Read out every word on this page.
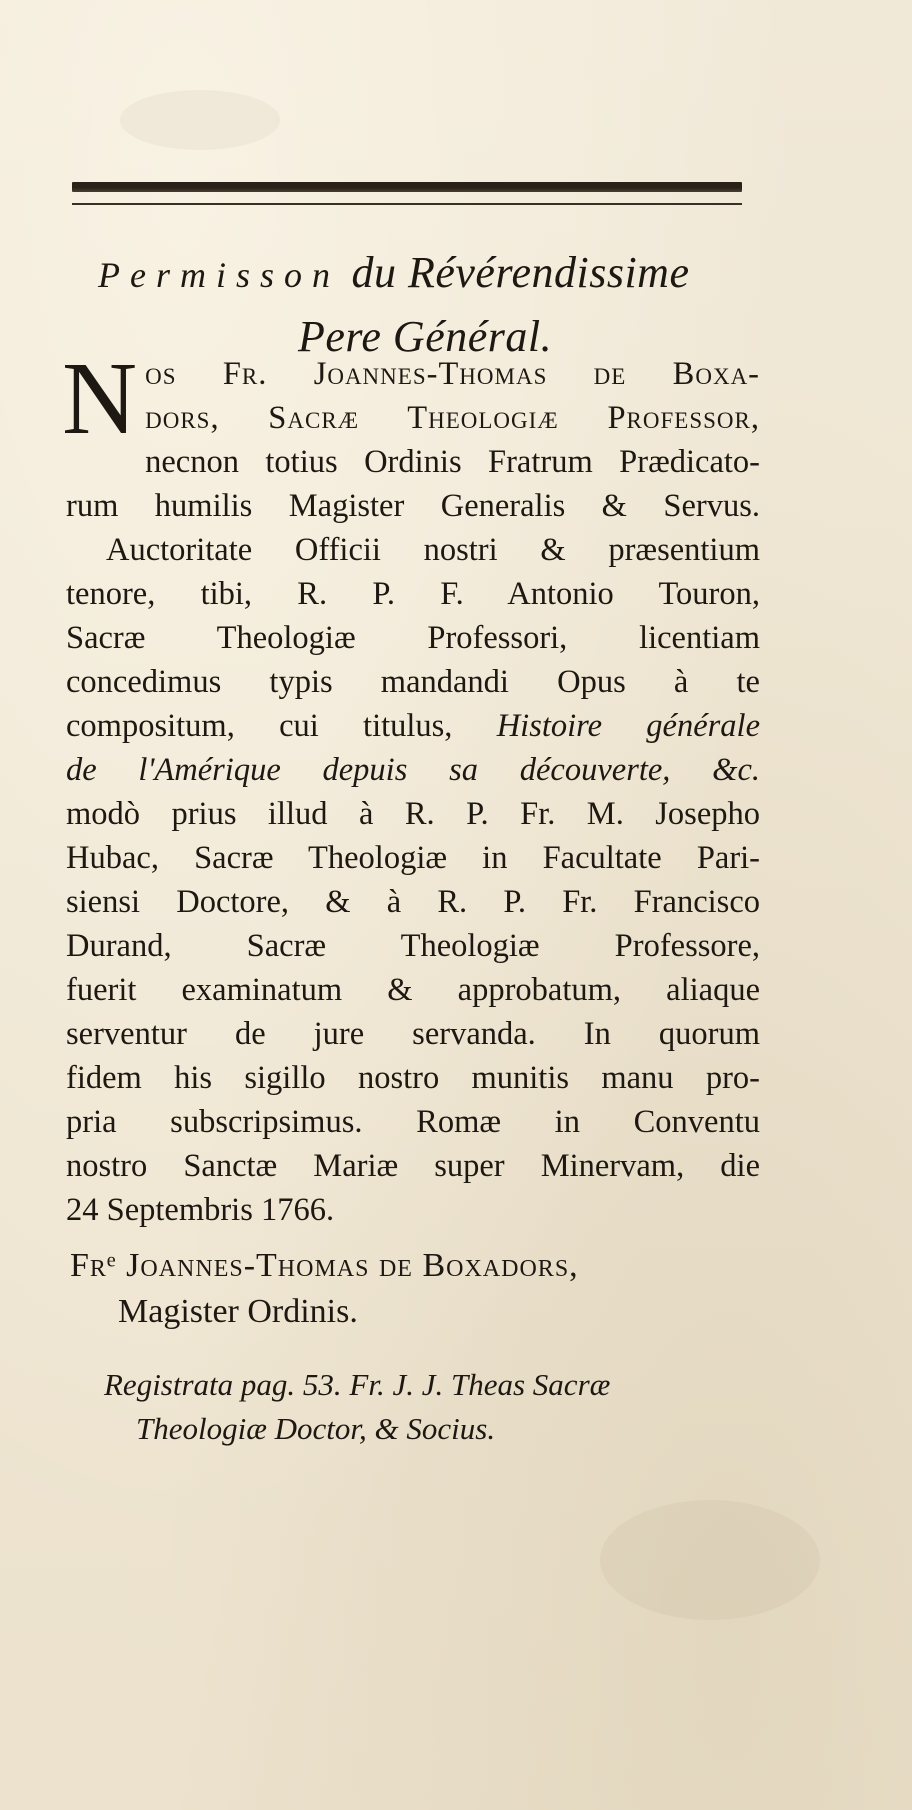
Permisson du Révérendissime
Pere Général.
N os Fr. Joannes-Thomas de Boxa-
dors, Sacræ Theologiæ Professor,
necnon totius Ordinis Fratrum Prædicato-
rum humilis Magister Generalis & Servus.
Auctoritate Officii nostri & præsentium
tenore, tibi, R. P. F. Antonio Touron,
Sacræ Theologiæ Professori, licentiam
concedimus typis mandandi Opus à te
compositum, cui titulus, Histoire générale
de l'Amérique depuis sa découverte, &c.
modò prius illud à R. P. Fr. M. Josepho
Hubac, Sacræ Theologiæ in Facultate Pari-
siensi Doctore, & à R. P. Fr. Francisco
Durand, Sacræ Theologiæ Professore,
fuerit examinatum & approbatum, aliaque
serventur de jure servanda. In quorum
fidem his sigillo nostro munitis manu pro-
pria subscripsimus. Romæ in Conventu
nostro Sanctæ Mariæ super Minervam, die
24 Septembris 1766.
Frᵉ Joannes-Thomas de Boxadors,
Magister Ordinis.
Registrata pag. 53. Fr. J. J. Theas Sacræ
Theologiæ Doctor, & Socius.
